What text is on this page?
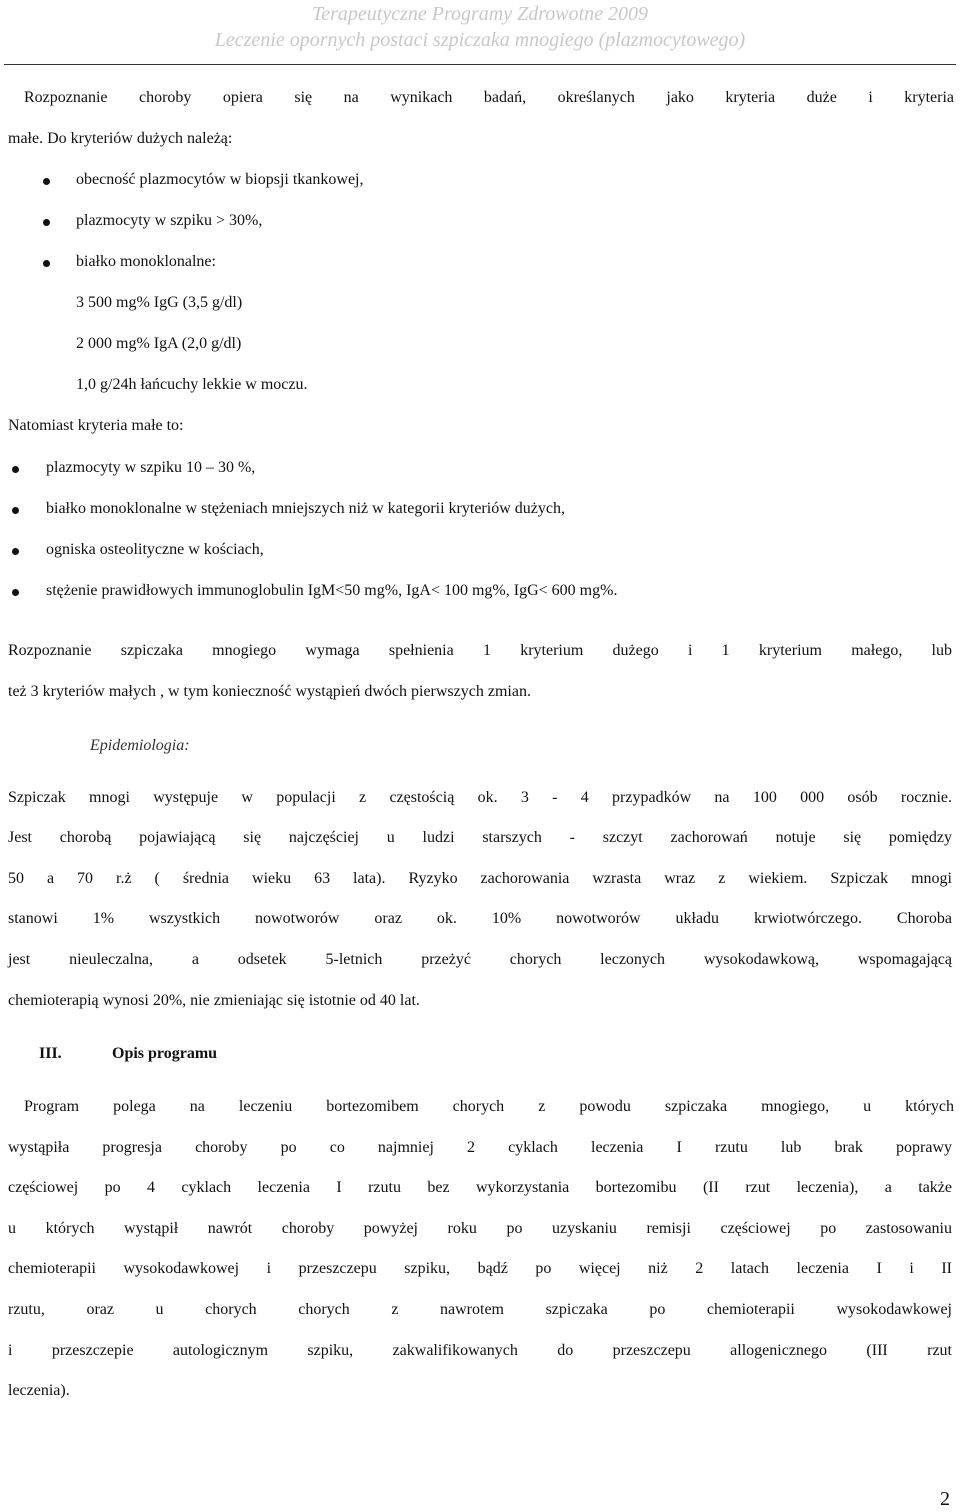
Terapeutyczne Programy Zdrowotne 2009
Leczenie opornych postaci szpiczaka mnogiego (plazmocytowego)
Rozpoznanie choroby opiera się na wynikach badań, określanych jako kryteria duże i kryteria
małe. Do kryteriów dużych należą:
obecność plazmocytów w biopsji tkankowej,
plazmocyty w szpiku > 30%,
białko monoklonalne:
3 500 mg% IgG (3,5 g/dl)
2 000 mg% IgA (2,0 g/dl)
1,0 g/24h łańcuchy lekkie w moczu.
Natomiast kryteria małe to:
plazmocyty w szpiku 10 – 30 %,
białko monoklonalne w stężeniach mniejszych niż w kategorii kryteriów dużych,
ogniska osteolityczne w kościach,
stężenie prawidłowych immunoglobulin IgM<50 mg%, IgA< 100 mg%, IgG< 600 mg%.
Rozpoznanie szpiczaka mnogiego wymaga spełnienia 1 kryterium dużego i 1 kryterium małego, lub
też 3 kryteriów małych , w tym konieczność wystąpień dwóch pierwszych zmian.
Epidemiologia:
Szpiczak mnogi występuje w populacji z częstością ok. 3 - 4 przypadków na 100 000 osób rocznie.
Jest chorobą pojawiającą się najczęściej u ludzi starszych - szczyt zachorowań notuje się pomiędzy
50 a 70 r.ż ( średnia wieku 63 lata). Ryzyko zachorowania wzrasta wraz z wiekiem. Szpiczak mnogi
stanowi 1% wszystkich nowotworów oraz ok. 10% nowotworów układu krwiotwórczego. Choroba
jest nieuleczalna, a odsetek 5-letnich przeżyć chorych leczonych wysokodawkową, wspomagającą
chemioterapią wynosi 20%, nie zmieniając się istotnie od 40 lat.
III.	Opis programu
Program polega na leczeniu bortezomibem chorych z powodu szpiczaka mnogiego, u których
wystąpiła progresja choroby po co najmniej 2 cyklach leczenia I rzutu lub brak poprawy
częściowej po 4 cyklach leczenia I rzutu bez wykorzystania bortezomibu (II rzut leczenia), a także
u których wystąpił nawrót choroby powyżej roku po uzyskaniu remisji częściowej po zastosowaniu
chemioterapii wysokodawkowej i przeszczepu szpiku, bądź po więcej niż 2 latach leczenia I i II
rzutu, oraz u chorych chorych z nawrotem szpiczaka po chemioterapii wysokodawkowej
i przeszczepie autologicznym szpiku, zakwalifikowanych do przeszczepu allogenicznego (III rzut
leczenia).
2
